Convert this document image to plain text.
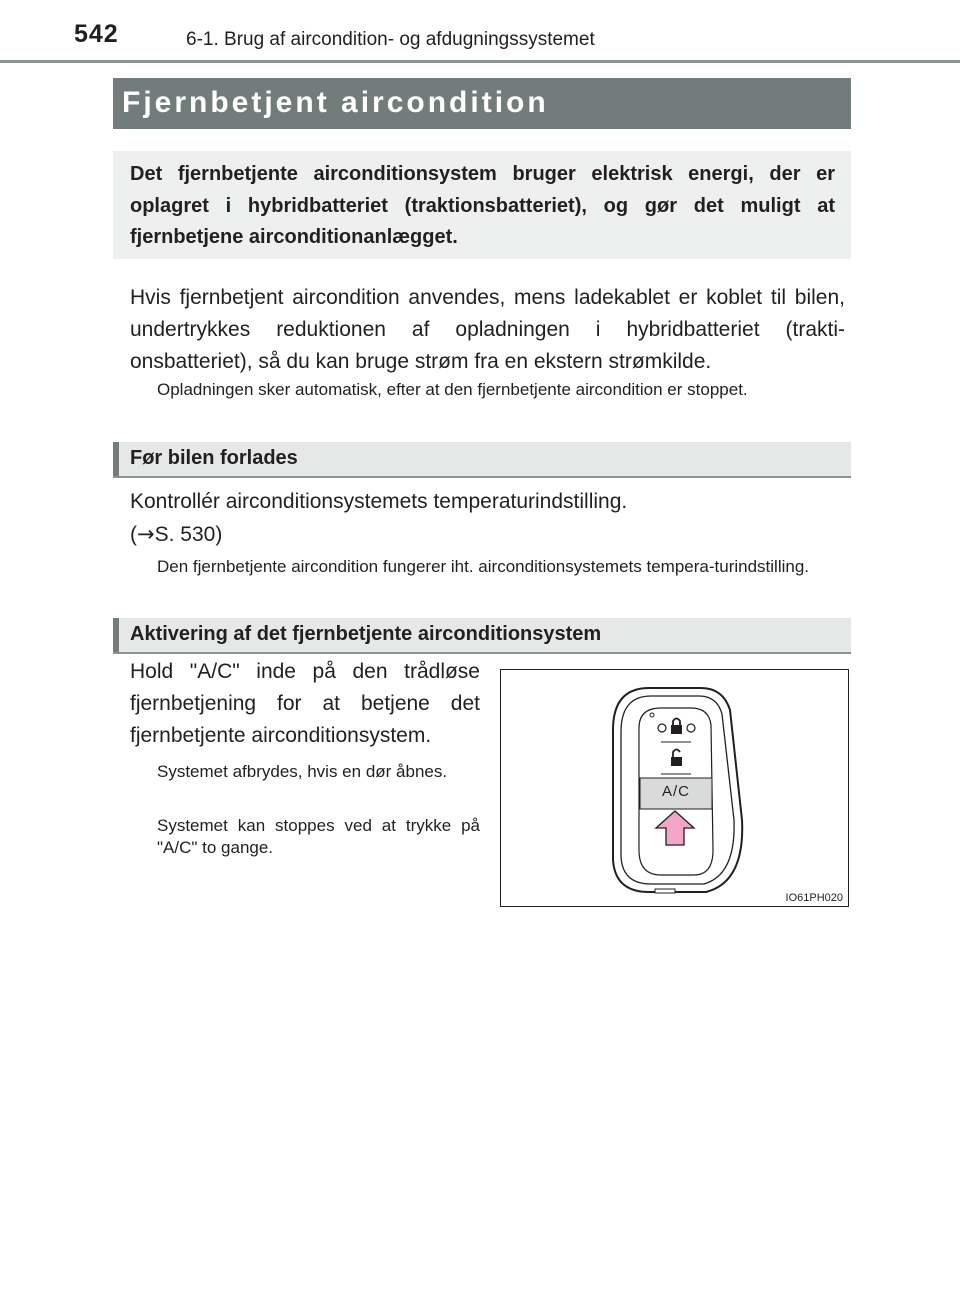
542	6-1. Brug af aircondition- og afdugningssystemet
Fjernbetjent aircondition

Det fjernbetjente airconditionsystem bruger elektrisk energi, der er oplagret i hybridbatteriet (traktionsbatteriet), og gør det muligt at fjernbetjene airconditionanlægget.

Hvis fjernbetjent aircondition anvendes, mens ladekablet er koblet til bilen, undertrykkes reduktionen af opladningen i hybridbatteriet (trakti-onsbatteriet), så du kan bruge strøm fra en ekstern strømkilde.

Opladningen sker automatisk, efter at den fjernbetjente aircondition er stoppet.

Før bilen forlades

Kontrollér airconditionsystemets temperaturindstilling.

(→S. 530)

Den fjernbetjente aircondition fungerer iht. airconditionsystemets tempera-turindstilling.

Aktivering af det fjernbetjente airconditionsystem

Hold "A/C" inde på den trådløse fjernbetjening for at betjene det fjernbetjente airconditionsystem.

Systemet afbrydes, hvis en dør åbnes.

Systemet kan stoppes ved at trykke på "A/C" to gange.

A/C
IO61PH020
